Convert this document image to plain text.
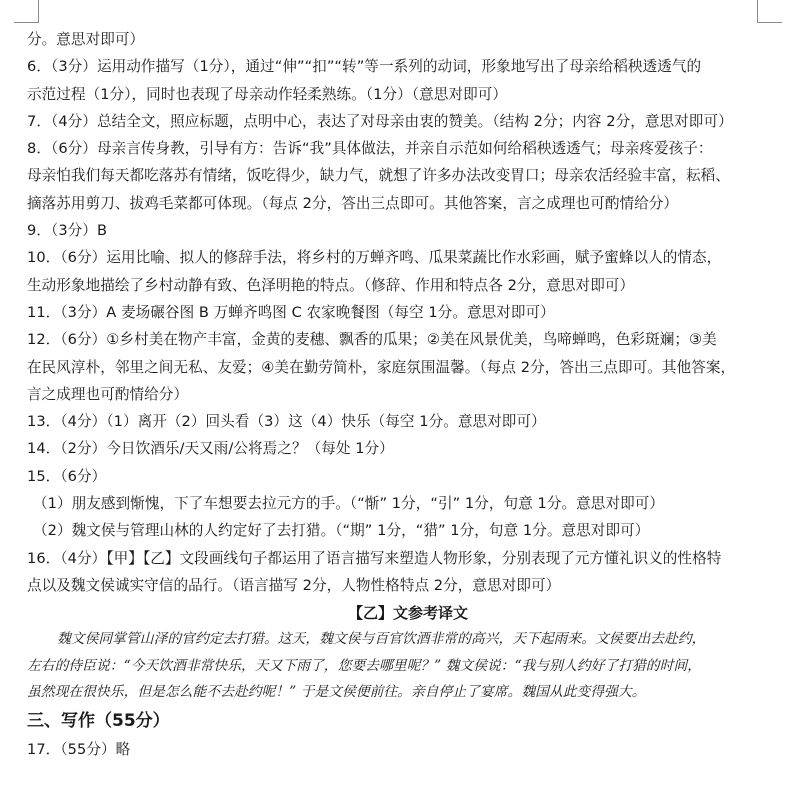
分。意思对即可）
6．（3分）运用动作描写（1分），通过“伸”“扣”“转”等一系列的动词，形象地写出了母亲给稻秧透透气的
示范过程（1分），同时也表现了母亲动作轻柔熟练。（1分）（意思对即可）
7．（4分）总结全文，照应标题，点明中心，表达了对母亲由衷的赞美。（结构 2分；内容 2分，意思对即可）
8．（6分）母亲言传身教，引导有方：告诉“我”具体做法，并亲自示范如何给稻秧透透气；母亲疼爱孩子：
母亲怕我们每天都吃落苏有情绪，饭吃得少，缺力气，就想了许多办法改变胃口；母亲农活经验丰富，耘稻、
摘落苏用剪刀、拔鸡毛菜都可体现。（每点 2分，答出三点即可。其他答案，言之成理也可酌情给分）
9．（3分）B
10．（6分）运用比喻、拟人的修辞手法，将乡村的万蝉齐鸣、瓜果菜蔬比作水彩画，赋予蜜蜂以人的情态，
生动形象地描绘了乡村动静有致、色泽明艳的特点。（修辞、作用和特点各 2分，意思对即可）
11．（3分）A 麦场碾谷图 B 万蝉齐鸣图 C 农家晚餐图（每空 1分。意思对即可）
12．（6分）①乡村美在物产丰富，金黄的麦穗、飘香的瓜果；②美在风景优美，鸟啼蝉鸣，色彩斑斓；③美
在民风淳朴，邻里之间无私、友爱；④美在勤劳简朴，家庭氛围温馨。（每点 2分，答出三点即可。其他答案，
言之成理也可酌情给分）
13．（4分）（1）离开（2）回头看（3）这（4）快乐（每空 1分。意思对即可）
14．（2分）今日饮酒乐/天又雨/公将焉之？（每处 1分）
15．（6分）
（1）朋友感到惭愧，下了车想要去拉元方的手。（“惭” 1分，“引” 1分，句意 1分。意思对即可）
（2）魏文侯与管理山林的人约定好了去打猎。（“期” 1分，“猎” 1分，句意 1分。意思对即可）
16．（4分）【甲】【乙】文段画线句子都运用了语言描写来塑造人物形象，分别表现了元方懂礼识义的性格特
点以及魏文侯诚实守信的品行。（语言描写 2分，人物性格特点 2分，意思对即可）
【乙】文参考译文
魏文侯同掌管山泽的官约定去打猎。这天，魏文侯与百官饮酒非常的高兴，天下起雨来。文侯要出去赴约，
左右的侍臣说：“今天饮酒非常快乐，天又下雨了，您要去哪里呢？” 魏文侯说：“我与别人约好了打猎的时间，
虽然现在很快乐，但是怎么能不去赴约呢！” 于是文侯便前往。亲自停止了宴席。魏国从此变得强大。
三、写作（55分）
17．（55分）略
